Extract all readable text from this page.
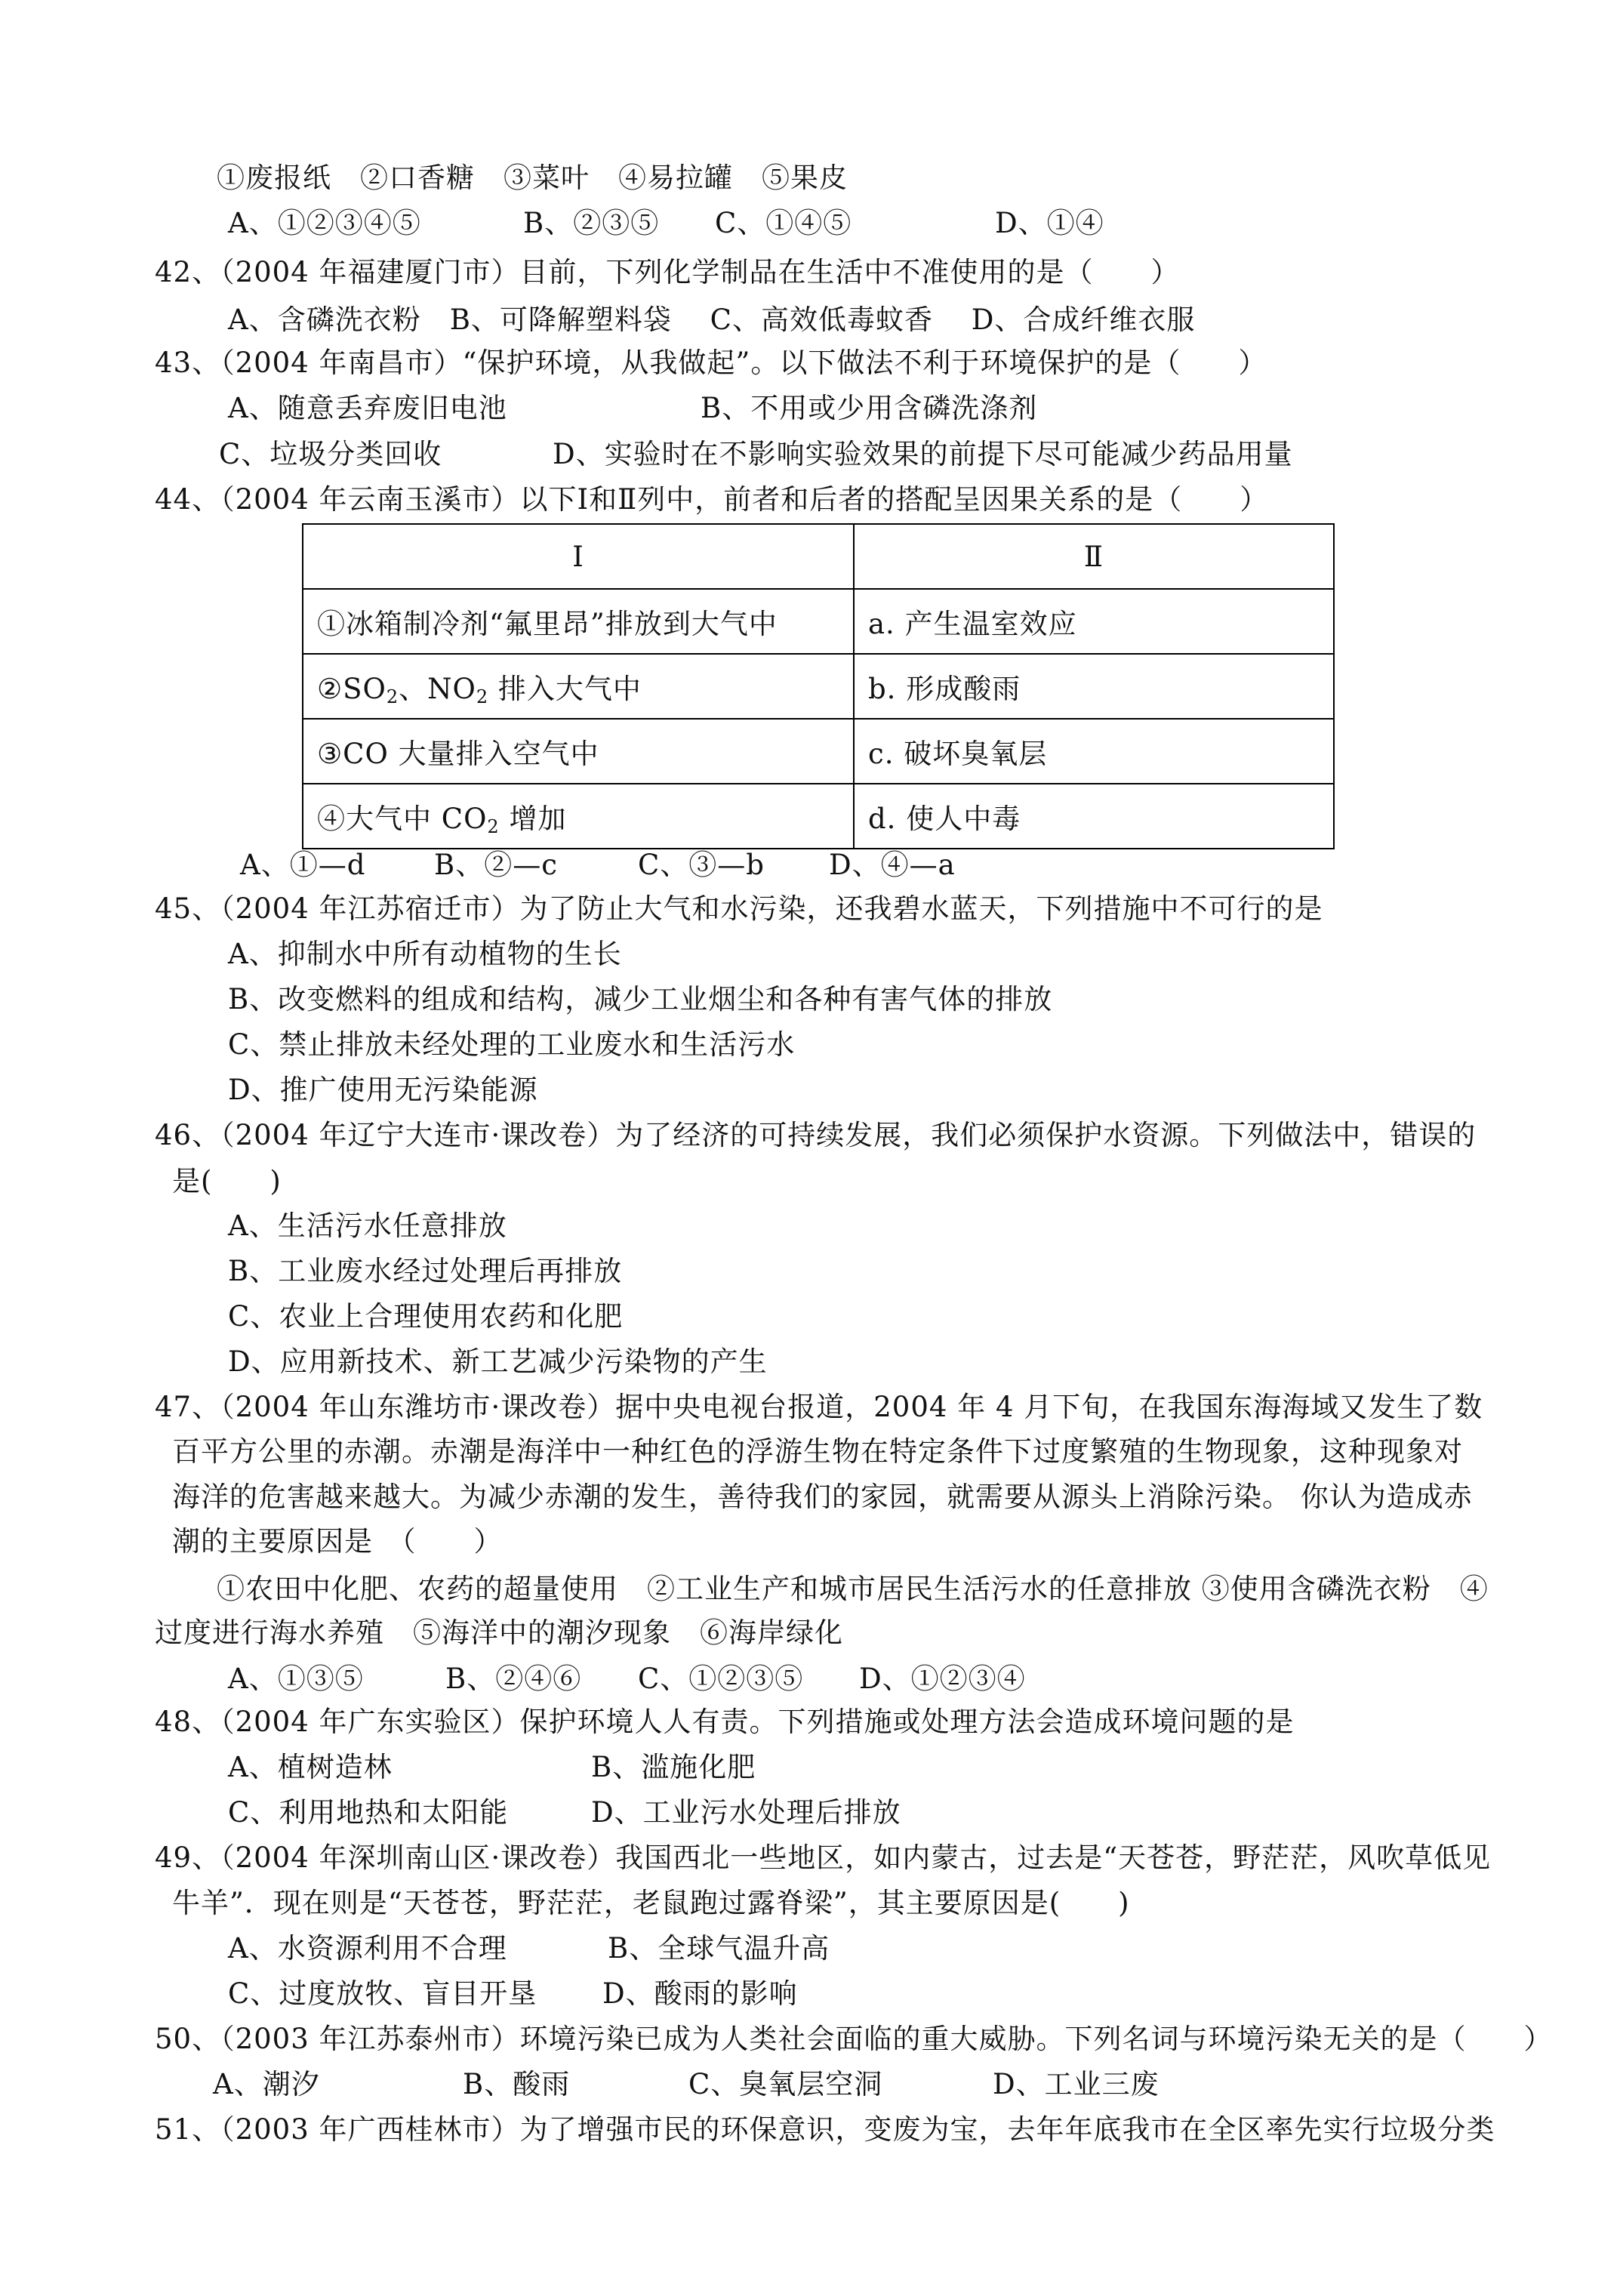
①废报纸　②口香糖　③菜叶　④易拉罐　⑤果皮
A、①②③④⑤	B、②③⑤ C、①④⑤	D、①④
42、（2004 年福建厦门市）目前，下列化学制品在生活中不准使用的是（　　）
A、含磷洗衣粉　B、可降解塑料袋　 C、高效低毒蚊香　 D、合成纤维衣服
43、（2004 年南昌市）“保护环境，从我做起”。以下做法不利于环境保护的是（　　）
A、随意丢弃废旧电池	B、不用或少用含磷洗涤剂
C、垃圾分类回收	D、实验时在不影响实验效果的前提下尽可能减少药品用量
44、（2004 年云南玉溪市）以下Ⅰ和Ⅱ列中，前者和后者的搭配呈因果关系的是（　　）
Ⅰ	Ⅱ
①冰箱制冷剂“氟里昂”排放到大气中	a. 产生温室效应
$②SO_2$、$NO_2$ 排入大气中	b. 形成酸雨
③CO 大量排入空气中	c. 破坏臭氧层
④大气中 $CO_2$ 增加	d. 使人中毒
A、①—d B、②—c	C、③—b D、④—a
45、（2004 年江苏宿迁市）为了防止大气和水污染，还我碧水蓝天，下列措施中不可行的是
A、抑制水中所有动植物的生长
B、改变燃料的组成和结构，减少工业烟尘和各种有害气体的排放
C、禁止排放未经处理的工业废水和生活污水
D、推广使用无污染能源
46、（2004 年辽宁大连市·课改卷）为了经济的可持续发展，我们必须保护水资源。下列做法中，错误的
是(　　)
A、生活污水任意排放
B、工业废水经过处理后再排放
C、农业上合理使用农药和化肥
D、应用新技术、新工艺减少污染物的产生
47、（2004 年山东潍坊市·课改卷）据中央电视台报道，2004 年 4 月下旬，在我国东海海域又发生了数
百平方公里的赤潮。赤潮是海洋中一种红色的浮游生物在特定条件下过度繁殖的生物现象，这种现象对
海洋的危害越来越大。为减少赤潮的发生，善待我们的家园，就需要从源头上消除污染。 你认为造成赤
潮的主要原因是　（　　）
①农田中化肥、农药的超量使用　②工业生产和城市居民生活污水的任意排放 ③使用含磷洗衣粉　④
过度进行海水养殖　⑤海洋中的潮汐现象　⑥海岸绿化
A、①③⑤	B、②④⑥ C、①②③⑤ D、①②③④
48、（2004 年广东实验区）保护环境人人有责。下列措施或处理方法会造成环境问题的是
A、植树造林	B、滥施化肥
C、利用地热和太阳能	D、工业污水处理后排放
49、（2004 年深圳南山区·课改卷）我国西北一些地区，如内蒙古，过去是“天苍苍，野茫茫，风吹草低见
牛羊”．现在则是“天苍苍，野茫茫，老鼠跑过露脊梁”，其主要原因是(　　)
A、水资源利用不合理	B、全球气温升高
C、过度放牧、盲目开垦 D、酸雨的影响
50、（2003 年江苏泰州市）环境污染已成为人类社会面临的重大威胁。下列名词与环境污染无关的是（　　）
A、潮汐	B、酸雨	C、臭氧层空洞	D、工业三废
51、（2003 年广西桂林市）为了增强市民的环保意识，变废为宝，去年年底我市在全区率先实行垃圾分类
